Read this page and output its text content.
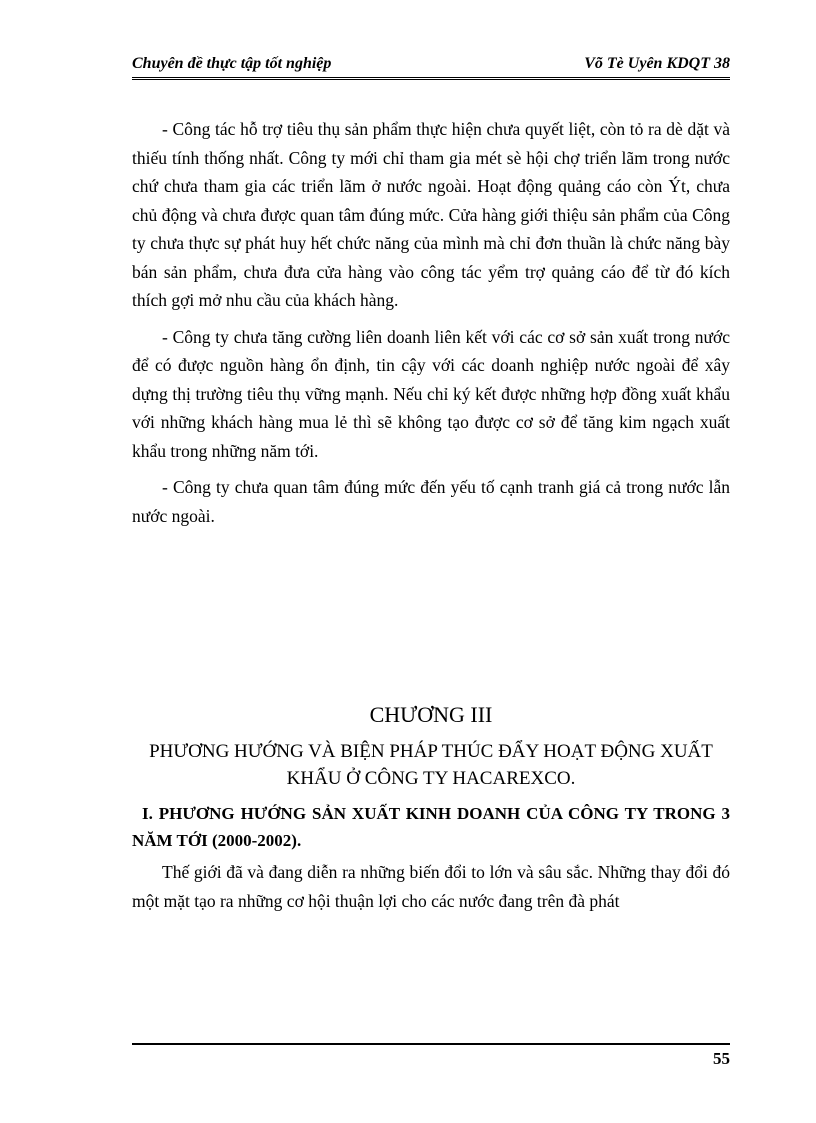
Chuyên đề thực tập tốt nghiệp	Võ Tè Uyên KDQT 38

- Công tác hỗ trợ tiêu thụ sản phẩm thực hiện chưa quyết liệt, còn tỏ ra dè dặt và thiếu tính thống nhất. Công ty mới chỉ tham gia mét sè hội chợ triển lãm trong nước chứ chưa tham gia các triển lãm ở nước ngoài. Hoạt động quảng cáo còn Ýt, chưa chủ động và chưa được quan tâm đúng mức. Cửa hàng giới thiệu sản phẩm của Công ty chưa thực sự phát huy hết chức năng của mình mà chỉ đơn thuần là chức năng bày bán sản phẩm, chưa đưa cửa hàng vào công tác yểm trợ quảng cáo để từ đó kích thích gợi mở nhu cầu của khách hàng.

- Công ty chưa tăng cường liên doanh liên kết với các cơ sở sản xuất trong nước để có được nguồn hàng ổn định, tin cậy với các doanh nghiệp nước ngoài để xây dựng thị trường tiêu thụ vững mạnh. Nếu chỉ ký kết được những hợp đồng xuất khẩu với những khách hàng mua lẻ thì sẽ không tạo được cơ sở để tăng kim ngạch xuất khẩu trong những năm tới.

- Công ty chưa quan tâm đúng mức đến yếu tố cạnh tranh giá cả trong nước lẫn nước ngoài.

CHƯƠNG III

PHƯƠNG HƯỚNG VÀ BIỆN PHÁP THÚC ĐẨY HOẠT ĐỘNG XUẤT KHẨU Ở CÔNG TY HACAREXCO.

I. PHƯƠNG HƯỚNG SẢN XUẤT KINH DOANH CỦA CÔNG TY TRONG 3 NĂM TỚI (2000-2002).
Thế giới đã và đang diễn ra những biến đổi to lớn và sâu sắc. Những thay đổi đó một mặt tạo ra những cơ hội thuận lợi cho các nước đang trên đà phát
55
